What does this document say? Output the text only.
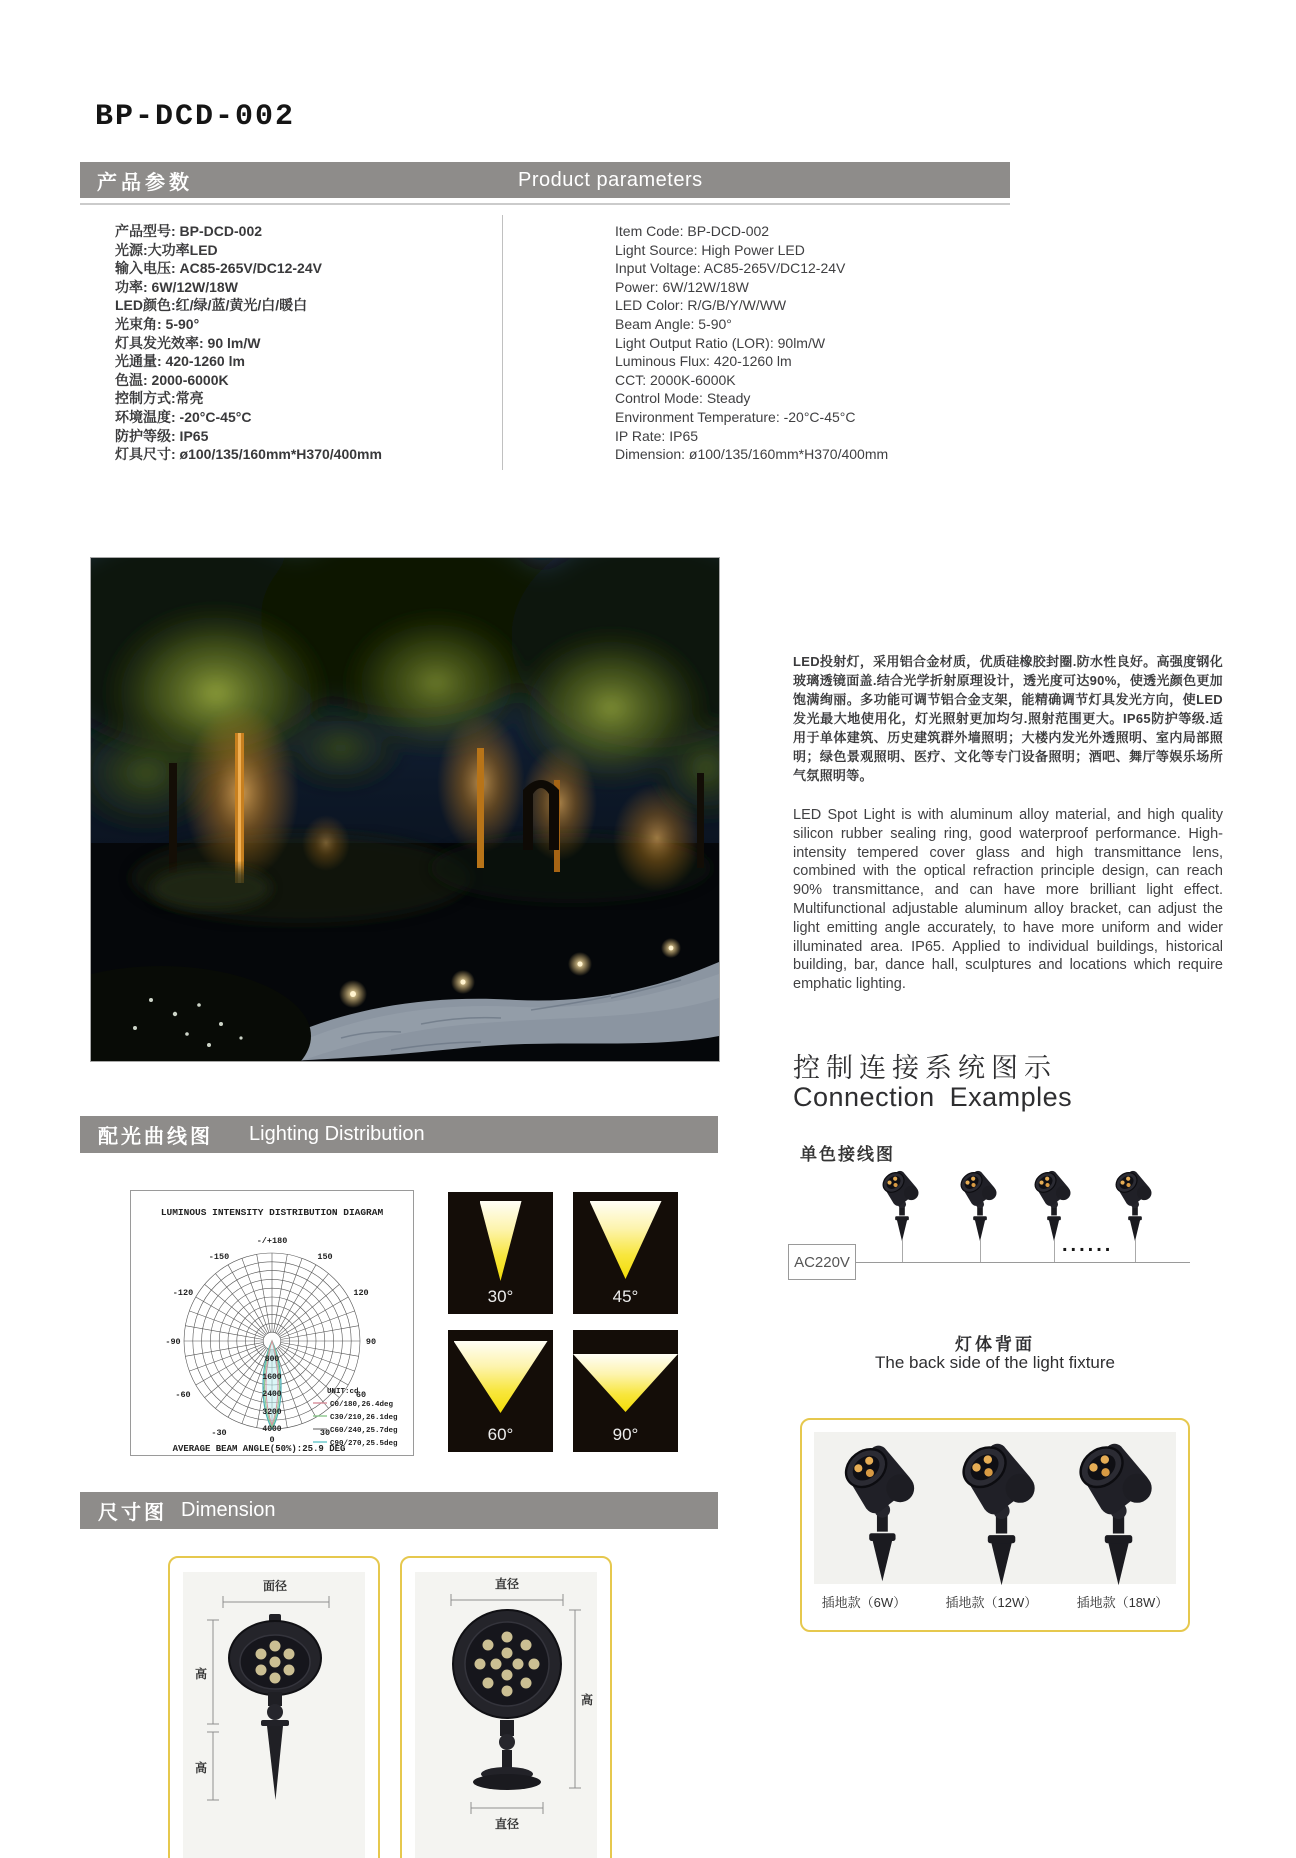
BP-DCD-002
产品参数	Product parameters
产品型号: BP-DCD-002
光源:大功率LED
输入电压: AC85-265V/DC12-24V
功率: 6W/12W/18W
LED颜色:红/绿/蓝/黄光/白/暖白
光束角: 5-90°
灯具发光效率: 90 lm/W
光通量: 420-1260 lm
色温: 2000-6000K
控制方式:常亮
环境温度: -20°C-45°C
防护等级: IP65
灯具尺寸: ø100/135/160mm*H370/400mm
Item Code: BP-DCD-002
Light Source: High Power LED
Input Voltage: AC85-265V/DC12-24V
Power: 6W/12W/18W
LED Color: R/G/B/Y/W/WW
Beam Angle: 5-90°
Light Output Ratio (LOR): 90lm/W
Luminous Flux: 420-1260 lm
CCT: 2000K-6000K
Control Mode: Steady
Environment Temperature: -20°C-45°C
IP Rate: IP65
Dimension: ø100/135/160mm*H370/400mm
LED投射灯，采用铝合金材质，优质硅橡胶封圈.防水性良好。高强度钢化玻璃透镜面盖.结合光学折射原理设计，透光度可达90%，使透光颜色更加饱满绚丽。多功能可调节铝合金支架，能精确调节灯具发光方向，使LED发光最大地使用化，灯光照射更加均匀.照射范围更大。IP65防护等级.适用于单体建筑、历史建筑群外墙照明；大楼内发光外透照明、室内局部照明；绿色景观照明、医疗、文化等专门设备照明；酒吧、舞厅等娱乐场所气氛照明等。
LED Spot Light is with aluminum alloy material, and high quality silicon rubber sealing ring, good waterproof performance. High-intensity tempered cover glass and high transmittance lens, combined with the optical refraction principle design, can reach 90% transmittance, and can have more brilliant light effect. Multifunctional adjustable aluminum alloy bracket, can adjust the light emitting angle accurately, to have more uniform and wider illuminated area. IP65. Applied to individual buildings, historical building, bar, dance hall, sculptures and locations which require emphatic lighting.
控制连接系统图示
Connection Examples
单色接线图
AC220V
......
灯体背面
The back side of the light fixture
插地款（6W）	插地款（12W）	插地款（18W）
配光曲线图 Lighting Distribution
LUMINOUS INTENSITY DISTRIBUTION DIAGRAM
-/+180
-150	150
-120	120
-90	90
-60	60
-30	30
0
800
1600
2400
3200
4000
UNIT:cd
C0/180,26.4deg
C30/210,26.1deg
C60/240,25.7deg
C90/270,25.5deg
AVERAGE BEAM ANGLE(50%):25.9 DEG
30°	45°
60°	90°
尺寸图 Dimension
面径
高
高
直径
高
直径
